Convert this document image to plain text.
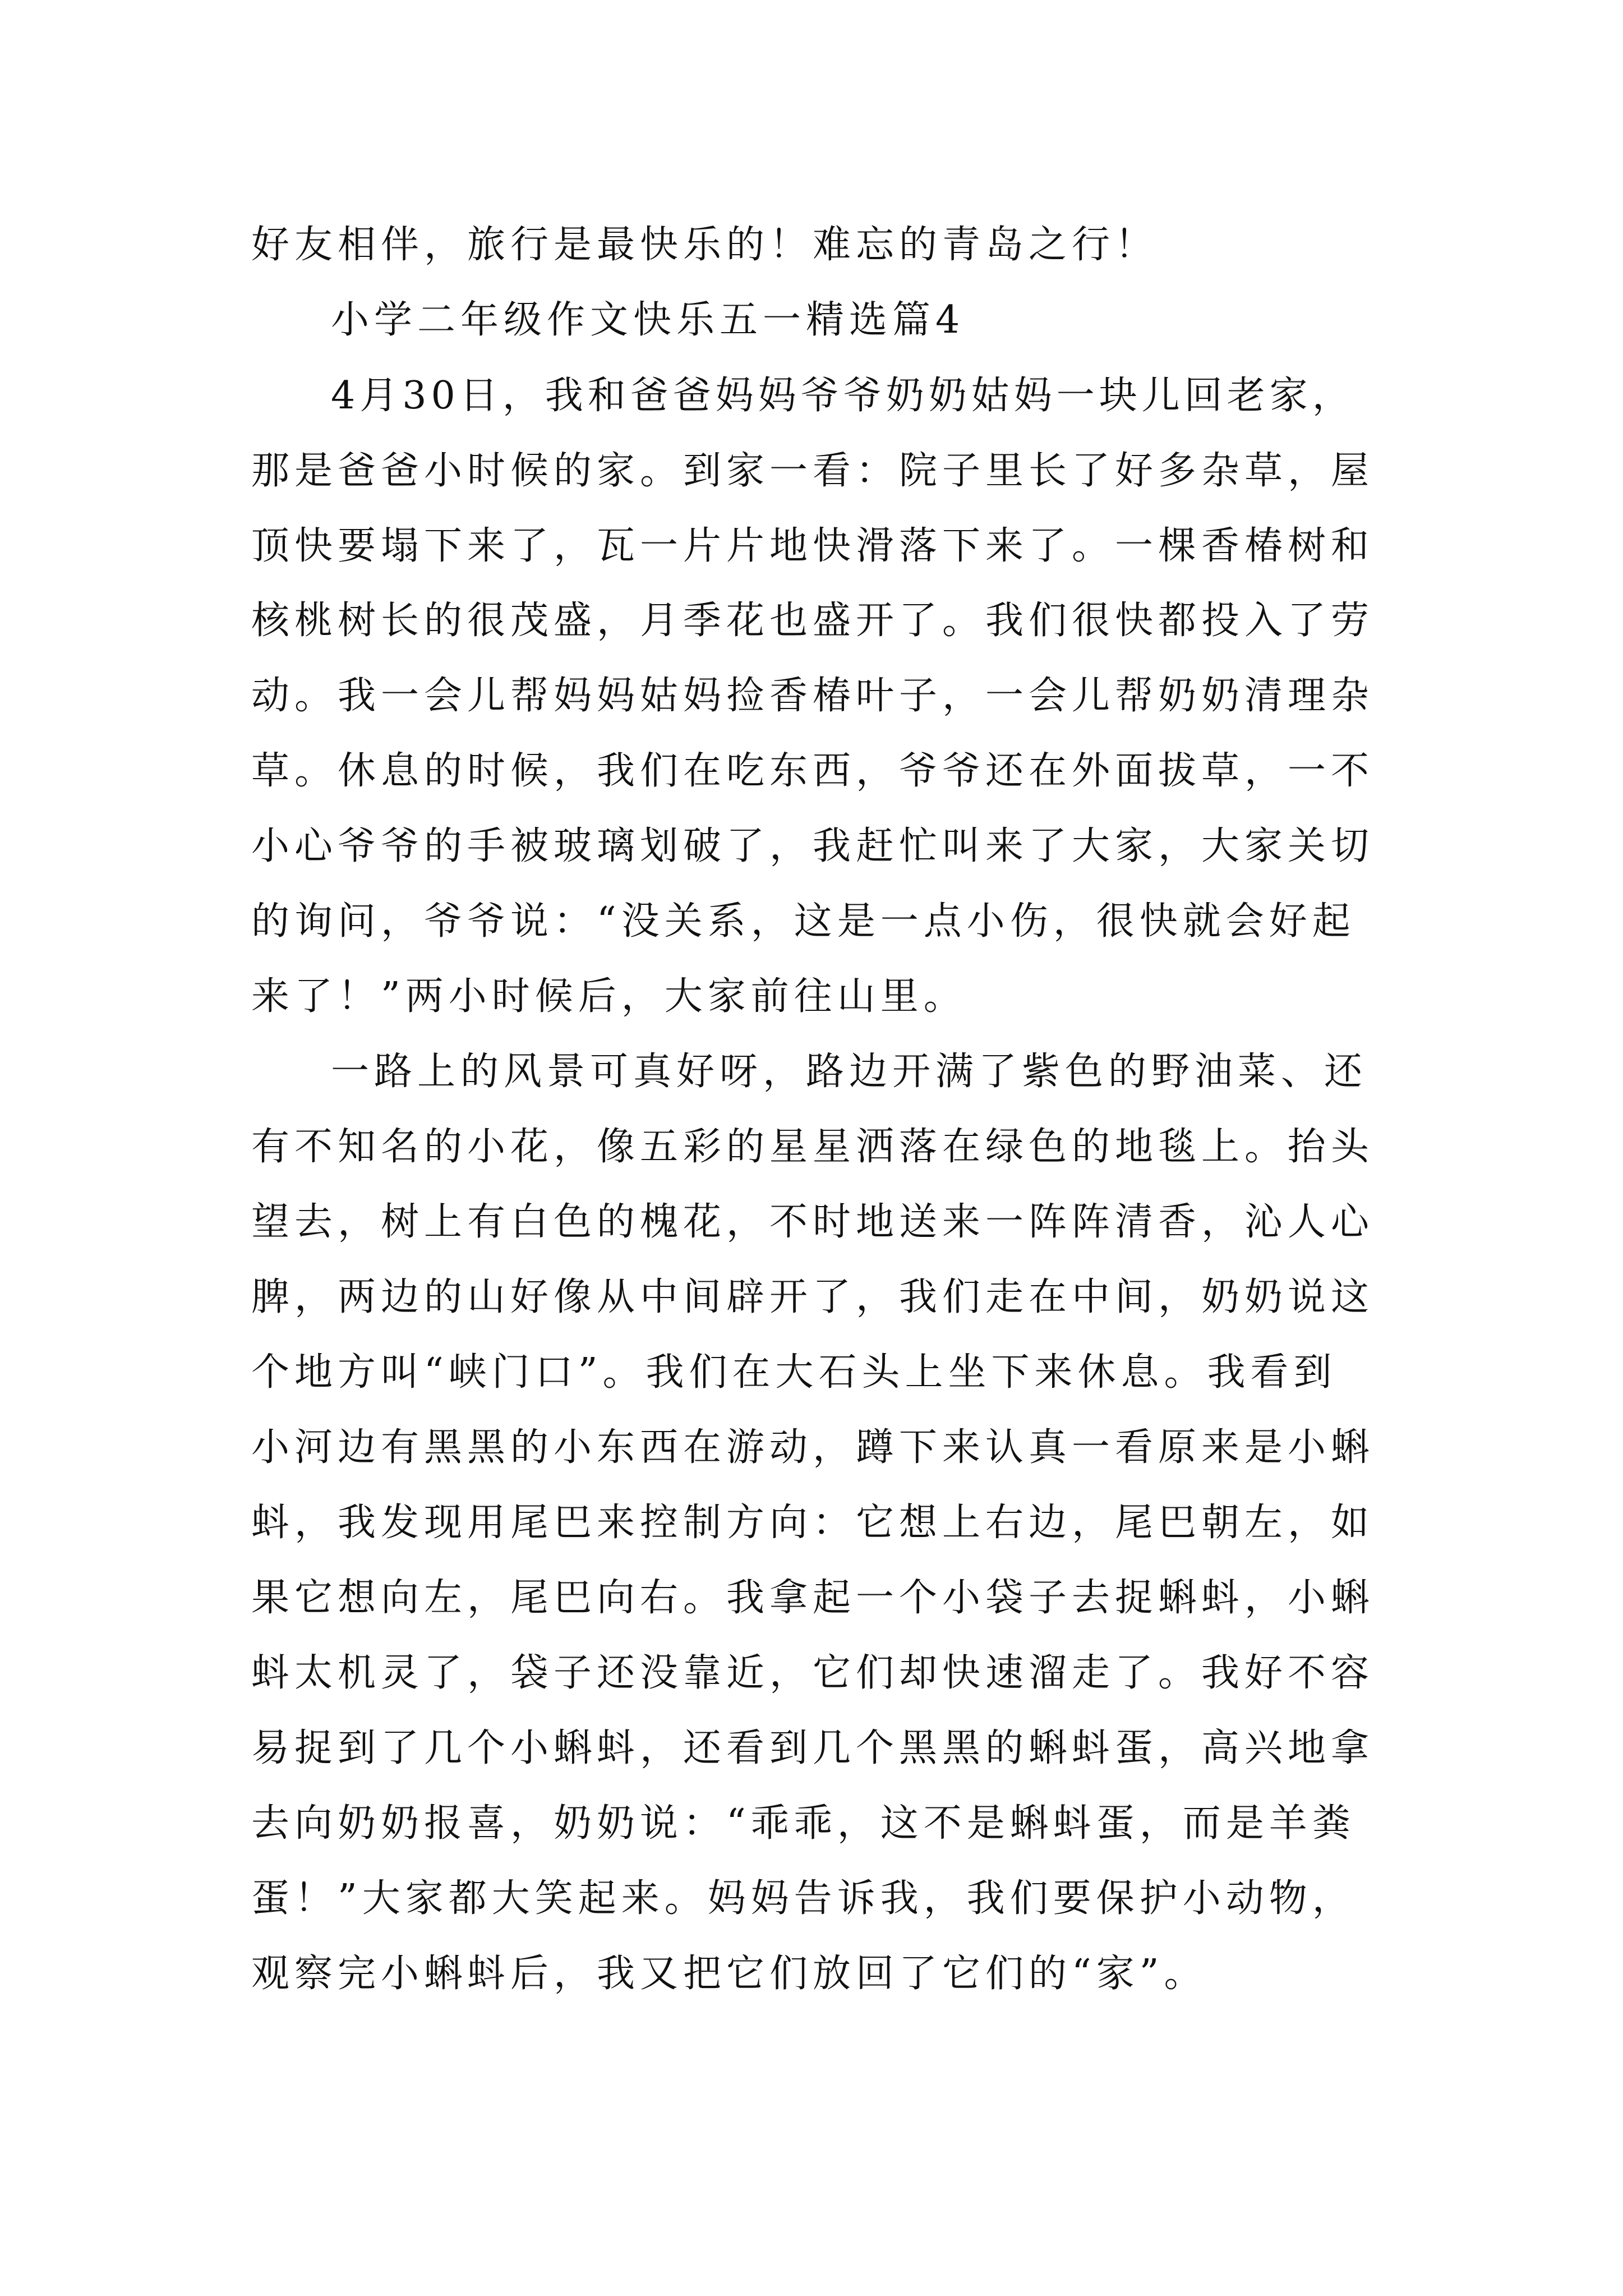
好友相伴，旅行是最快乐的！难忘的青岛之行！
小学二年级作文快乐五一精选篇4
4月30日，我和爸爸妈妈爷爷奶奶姑妈一块儿回老家，
那是爸爸小时候的家。到家一看：院子里长了好多杂草，屋
顶快要塌下来了，瓦一片片地快滑落下来了。一棵香椿树和
核桃树长的很茂盛，月季花也盛开了。我们很快都投入了劳
动。我一会儿帮妈妈姑妈捡香椿叶子，一会儿帮奶奶清理杂
草。休息的时候，我们在吃东西，爷爷还在外面拔草，一不
小心爷爷的手被玻璃划破了，我赶忙叫来了大家，大家关切
的询问，爷爷说：“没关系，这是一点小伤，很快就会好起
来了！”两小时候后，大家前往山里。
一路上的风景可真好呀，路边开满了紫色的野油菜、还
有不知名的小花，像五彩的星星洒落在绿色的地毯上。抬头
望去，树上有白色的槐花，不时地送来一阵阵清香，沁人心
脾，两边的山好像从中间辟开了，我们走在中间，奶奶说这
个地方叫“峡门口”。我们在大石头上坐下来休息。我看到
小河边有黑黑的小东西在游动，蹲下来认真一看原来是小蝌
蚪，我发现用尾巴来控制方向：它想上右边，尾巴朝左，如
果它想向左，尾巴向右。我拿起一个小袋子去捉蝌蚪，小蝌
蚪太机灵了，袋子还没靠近，它们却快速溜走了。我好不容
易捉到了几个小蝌蚪，还看到几个黑黑的蝌蚪蛋，高兴地拿
去向奶奶报喜，奶奶说：“乖乖，这不是蝌蚪蛋，而是羊粪
蛋！”大家都大笑起来。妈妈告诉我，我们要保护小动物，
观察完小蝌蚪后，我又把它们放回了它们的“家”。
